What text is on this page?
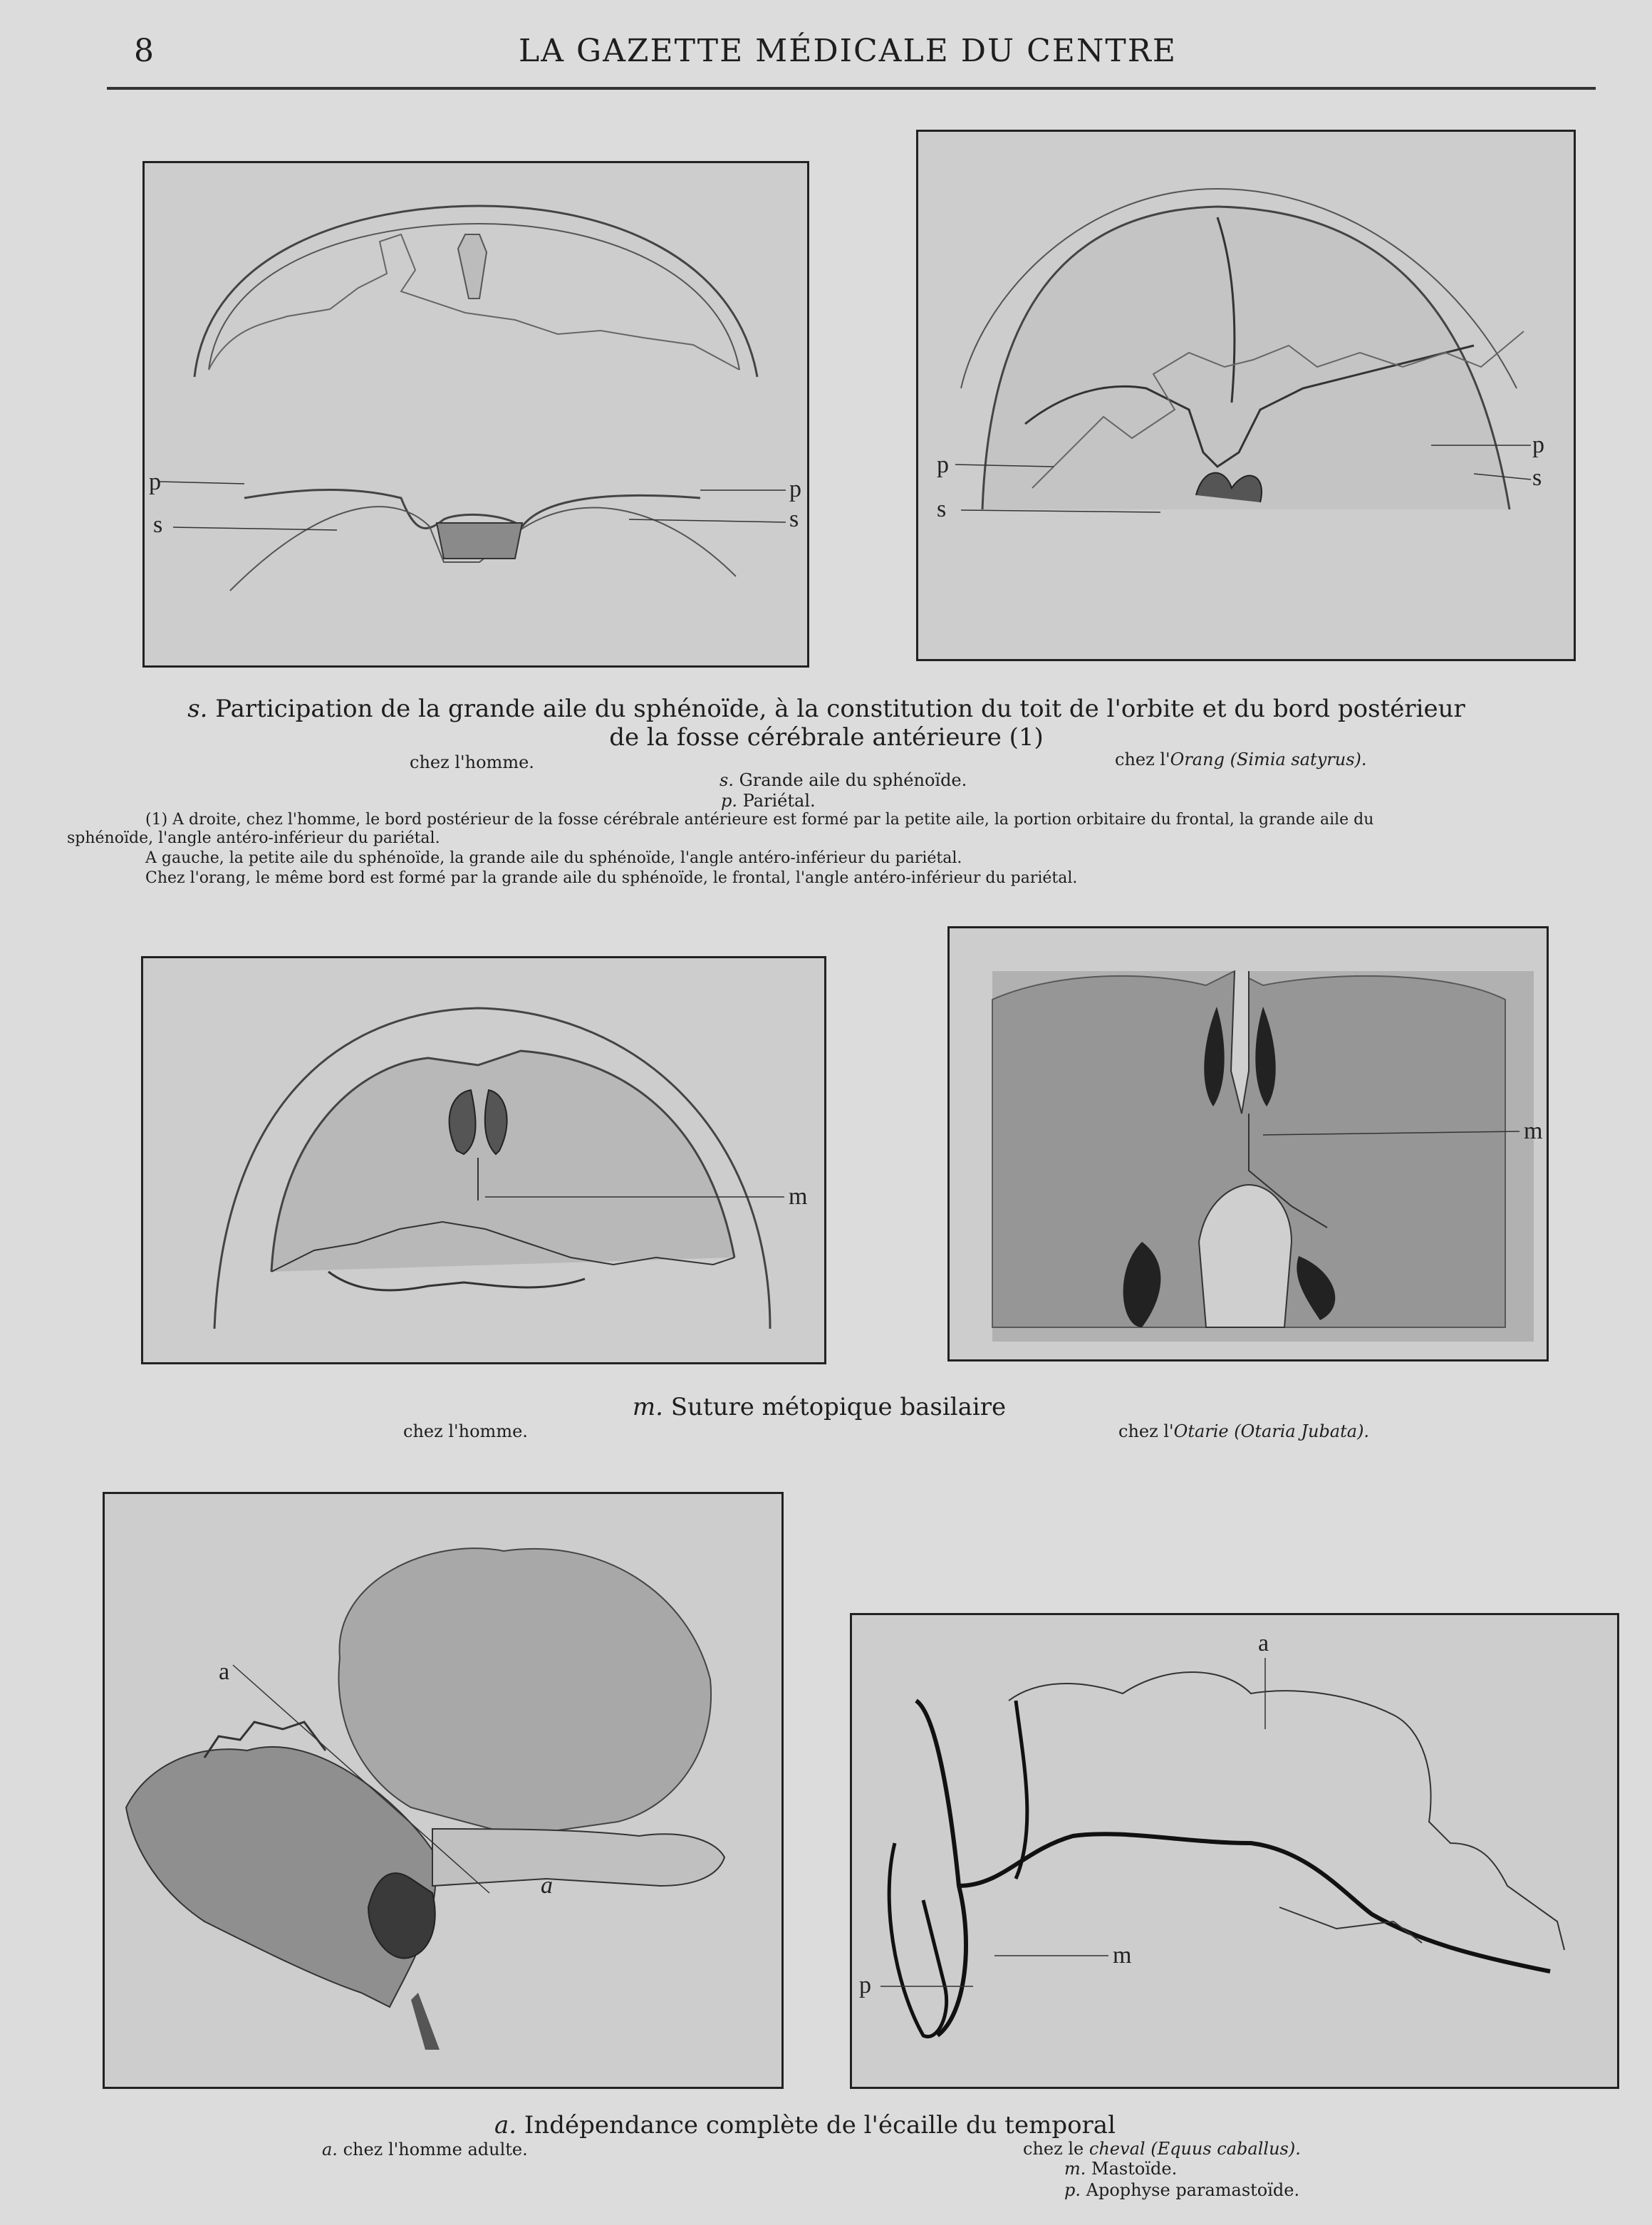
8	LA GAZETTE MÉDICALE DU CENTRE
p
s
p
s
p
s
p
s
s. Participation de la grande aile du sphénoïde, à la constitution du toit de l'orbite et du bord postérieur
de la fosse cérébrale antérieure (1)
chez l'homme.	chez l'Orang (Simia satyrus).
s. Grande aile du sphénoïde.
p. Pariétal.
(1) A droite, chez l'homme, le bord postérieur de la fosse cérébrale antérieure est formé par la petite aile, la portion orbitaire du frontal, la grande aile du
sphénoïde, l'angle antéro-inférieur du pariétal.
A gauche, la petite aile du sphénoïde, la grande aile du sphénoïde, l'angle antéro-inférieur du pariétal.
Chez l'orang, le même bord est formé par la grande aile du sphénoïde, le frontal, l'angle antéro-inférieur du pariétal.
m
m
m. Suture métopique basilaire
chez l'homme.	chez l'Otarie (Otaria Jubata).
a
a
a
m
p
a. Indépendance complète de l'écaille du temporal
a. chez l'homme adulte.	chez le cheval (Equus caballus).
m. Mastoïde.
p. Apophyse paramastoïde.
